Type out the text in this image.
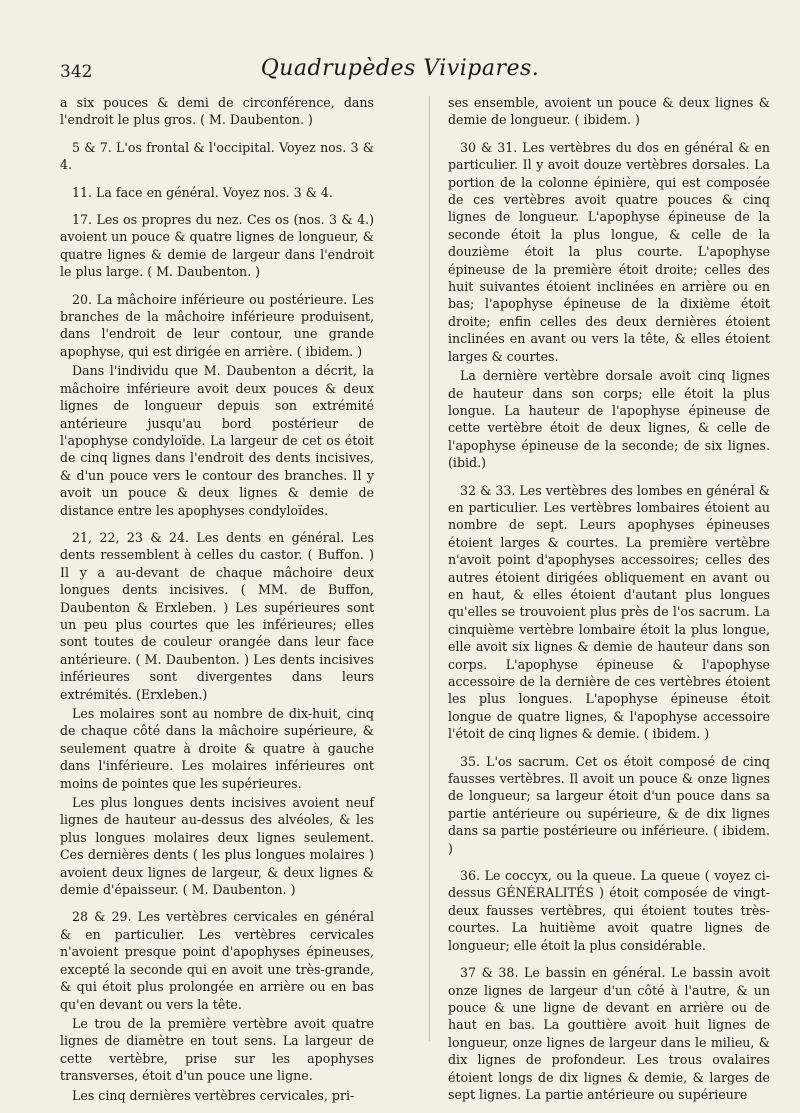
342	Quadrupèdes Vivipares.

a six pouces & demi de circonférence, dans l'endroit le plus gros. ( M. Daubenton. )

5 & 7. L'os frontal & l'occipital. Voyez nos. 3 & 4.

11. La face en général. Voyez nos. 3 & 4.

17. Les os propres du nez. Ces os (nos. 3 & 4.) avoient un pouce & quatre lignes de longueur, & quatre lignes & demie de largeur dans l'endroit le plus large. ( M. Daubenton. )

20. La mâchoire inférieure ou postérieure. Les branches de la mâchoire inférieure produisent, dans l'endroit de leur contour, une grande apophyse, qui est dirigée en arrière. ( ibidem. )

Dans l'individu que M. Daubenton a décrit, la mâchoire inférieure avoit deux pouces & deux lignes de longueur depuis son extrémité antérieure jusqu'au bord postérieur de l'apophyse condyloïde. La largeur de cet os étoit de cinq lignes dans l'endroit des dents incisives, & d'un pouce vers le contour des branches. Il y avoit un pouce & deux lignes & demie de distance entre les apophyses condyloïdes.

21, 22, 23 & 24. Les dents en général. Les dents ressemblent à celles du castor. ( Buffon. ) Il y a au-devant de chaque mâchoire deux longues dents incisives. ( MM. de Buffon, Daubenton & Erxleben. ) Les supérieures sont un peu plus courtes que les inférieures; elles sont toutes de couleur orangée dans leur face antérieure. ( M. Daubenton. ) Les dents incisives inférieures sont divergentes dans leurs extrémités. (Erxleben.)

Les molaires sont au nombre de dix-huit, cinq de chaque côté dans la mâchoire supérieure, & seulement quatre à droite & quatre à gauche dans l'inférieure. Les molaires inférieures ont moins de pointes que les supérieures.

Les plus longues dents incisives avoient neuf lignes de hauteur au-dessus des alvéoles, & les plus longues molaires deux lignes seulement. Ces dernières dents ( les plus longues molaires ) avoient deux lignes de largeur, & deux lignes & demie d'épaisseur. ( M. Daubenton. )

28 & 29. Les vertèbres cervicales en général & en particulier. Les vertèbres cervicales n'avoient presque point d'apophyses épineuses, excepté la seconde qui en avoit une très-grande, & qui étoit plus prolongée en arrière ou en bas qu'en devant ou vers la tête.

Le trou de la première vertèbre avoit quatre lignes de diamètre en tout sens. La largeur de cette vertèbre, prise sur les apophyses transverses, étoit d'un pouce une ligne.

Les cinq dernières vertèbres cervicales, pri-

ses ensemble, avoient un pouce & deux lignes & demie de longueur. ( ibidem. )

30 & 31. Les vertèbres du dos en général & en particulier. Il y avoit douze vertèbres dorsales. La portion de la colonne épinière, qui est composée de ces vertèbres avoit quatre pouces & cinq lignes de longueur. L'apophyse épineuse de la seconde étoit la plus longue, & celle de la douzième étoit la plus courte. L'apophyse épineuse de la première étoit droite; celles des huit suivantes étoient inclinées en arrière ou en bas; l'apophyse épineuse de la dixième étoit droite; enfin celles des deux dernières étoient inclinées en avant ou vers la tête, & elles étoient larges & courtes.

La dernière vertèbre dorsale avoit cinq lignes de hauteur dans son corps; elle étoit la plus longue. La hauteur de l'apophyse épineuse de cette vertèbre étoit de deux lignes, & celle de l'apophyse épineuse de la seconde; de six lignes.(ibid.)

32 & 33. Les vertèbres des lombes en général & en particulier. Les vertèbres lombaires étoient au nombre de sept. Leurs apophyses épineuses étoient larges & courtes. La première vertèbre n'avoit point d'apophyses accessoires; celles des autres étoient dirigées obliquement en avant ou en haut, & elles étoient d'autant plus longues qu'elles se trouvoient plus près de l'os sacrum. La cinquième vertèbre lombaire étoit la plus longue, elle avoit six lignes & demie de hauteur dans son corps. L'apophyse épineuse & l'apophyse accessoire de la dernière de ces vertèbres étoient les plus longues. L'apophyse épineuse étoit longue de quatre lignes, & l'apophyse accessoire l'étoit de cinq lignes & demie. ( ibidem. )

35. L'os sacrum. Cet os étoit composé de cinq fausses vertèbres. Il avoit un pouce & onze lignes de longueur; sa largeur étoit d'un pouce dans sa partie antérieure ou supérieure, & de dix lignes dans sa partie postérieure ou inférieure. ( ibidem. )

36. Le coccyx, ou la queue. La queue ( voyez ci-dessus GÉNÉRALITÉS ) étoit composée de vingt-deux fausses vertèbres, qui étoient toutes très-courtes. La huitième avoit quatre lignes de longueur; elle étoit la plus considérable.

37 & 38. Le bassin en général. Le bassin avoit onze lignes de largeur d'un côté à l'autre, & un pouce & une ligne de devant en arrière ou de haut en bas. La gouttière avoit huit lignes de longueur, onze lignes de largeur dans le milieu, & dix lignes de profondeur. Les trous ovalaires étoient longs de dix lignes & demie, & larges de sept lignes. La partie antérieure ou supérieure
